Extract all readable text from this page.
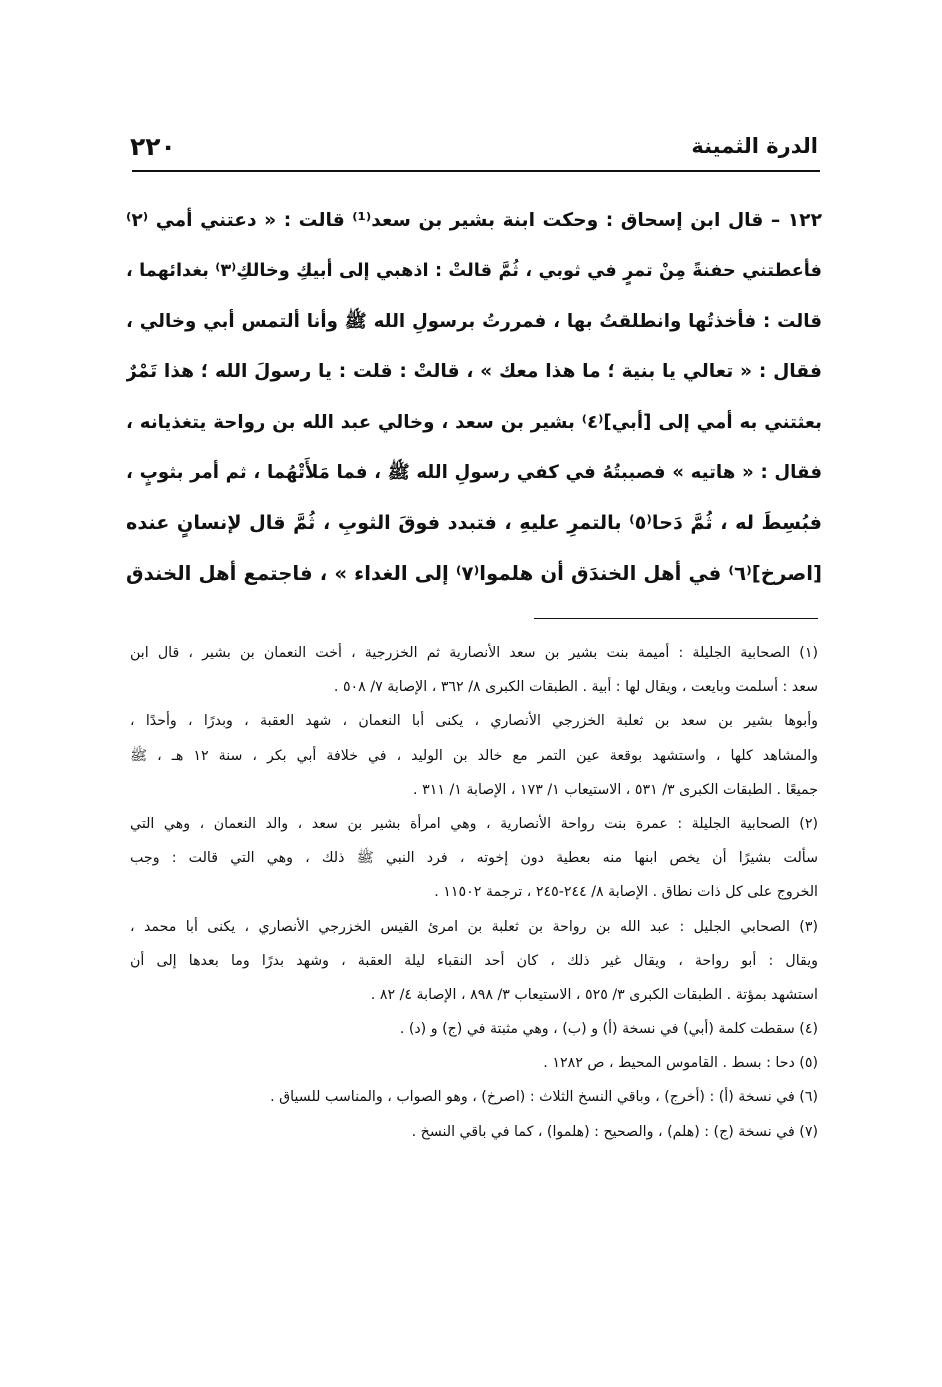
٢٢٠	الدرة الثمينة
١٢٢ – قال ابن إسحاق : وحكت ابنة بشير بن سعد⁽¹⁾ قالت : « دعتني أمي ⁽٢⁾
فأعطتني حفنةً مِنْ تمرٍ في ثوبي ، ثُمَّ قالتْ : اذهبي إلى أبيكِ وخالكِ⁽٣⁾ بغدائهما ،
قالت : فأخذتُها وانطلقتُ بها ، فمررتُ برسولِ الله ﷺ وأنا ألتمس أبي وخالي ،
فقال : « تعالي يا بنية ؛ ما هذا معك » ، قالتْ : قلت : يا رسولَ الله ؛ هذا تَمْرٌ
بعثتني به أمي إلى [أبي]⁽٤⁾ بشير بن سعد ، وخالي عبد الله بن رواحة يتغذيانه ،
فقال : « هاتيه » فصببتُهُ في كفي رسولِ الله ﷺ ، فما مَلأَتْهُما ، ثم أمر بثوبٍ ،
فبُسِطَ له ، ثُمَّ دَحا⁽٥⁾ بالتمرِ عليهِ ، فتبدد فوقَ الثوبِ ، ثُمَّ قال لإنسانٍ عنده
[اصرخ]⁽٦⁾ في أهل الخندَق أن هلموا⁽٧⁾ إلى الغداء » ، فاجتمع أهل الخندق
(١) الصحابية الجليلة : أميمة بنت بشير بن سعد الأنصارية ثم الخزرجية ، أخت النعمان بن بشير ، قال ابن
سعد : أسلمت وبايعت ، ويقال لها : أبية . الطبقات الكبرى ٨/ ٣٦٢ ، الإصابة ٧/ ٥٠٨ .
وأبوها بشير بن سعد بن ثعلبة الخزرجي الأنصاري ، يكنى أبا النعمان ، شهد العقبة ، وبدرًا ، وأحدًا ،
والمشاهد كلها ، واستشهد بوقعة عين التمر مع خالد بن الوليد ، في خلافة أبي بكر ، سنة ١٢ هـ ، ﷺ
جميعًا . الطبقات الكبرى ٣/ ٥٣١ ، الاستيعاب ١/ ١٧٣ ، الإصابة ١/ ٣١١ .
(٢) الصحابية الجليلة : عمرة بنت رواحة الأنصارية ، وهي امرأة بشير بن سعد ، والد النعمان ، وهي التي
سألت بشيرًا أن يخص ابنها منه بعطية دون إخوته ، فرد النبي ﷺ ذلك ، وهي التي قالت : وجب
الخروج على كل ذات نطاق . الإصابة ٨/ ٢٤٤-٢٤٥ ، ترجمة ١١٥٠٢ .
(٣) الصحابي الجليل : عبد الله بن رواحة بن ثعلبة بن امرئ القيس الخزرجي الأنصاري ، يكنى أبا محمد ،
ويقال : أبو رواحة ، ويقال غير ذلك ، كان أحد النقباء ليلة العقبة ، وشهد بدرًا وما بعدها إلى أن
استشهد بمؤتة . الطبقات الكبرى ٣/ ٥٢٥ ، الاستيعاب ٣/ ٨٩٨ ، الإصابة ٤/ ٨٢ .
(٤) سقطت كلمة (أبي) في نسخة (أ) و (ب) ، وهي مثبتة في (ج) و (د) .
(٥) دحا : بسط . القاموس المحيط ، ص ١٢٨٢ .
(٦) في نسخة (أ) : (أخرج) ، وباقي النسخ الثلاث : (اصرخ) ، وهو الصواب ، والمناسب للسياق .
(٧) في نسخة (ج) : (هلم) ، والصحيح : (هلموا) ، كما في باقي النسخ .
